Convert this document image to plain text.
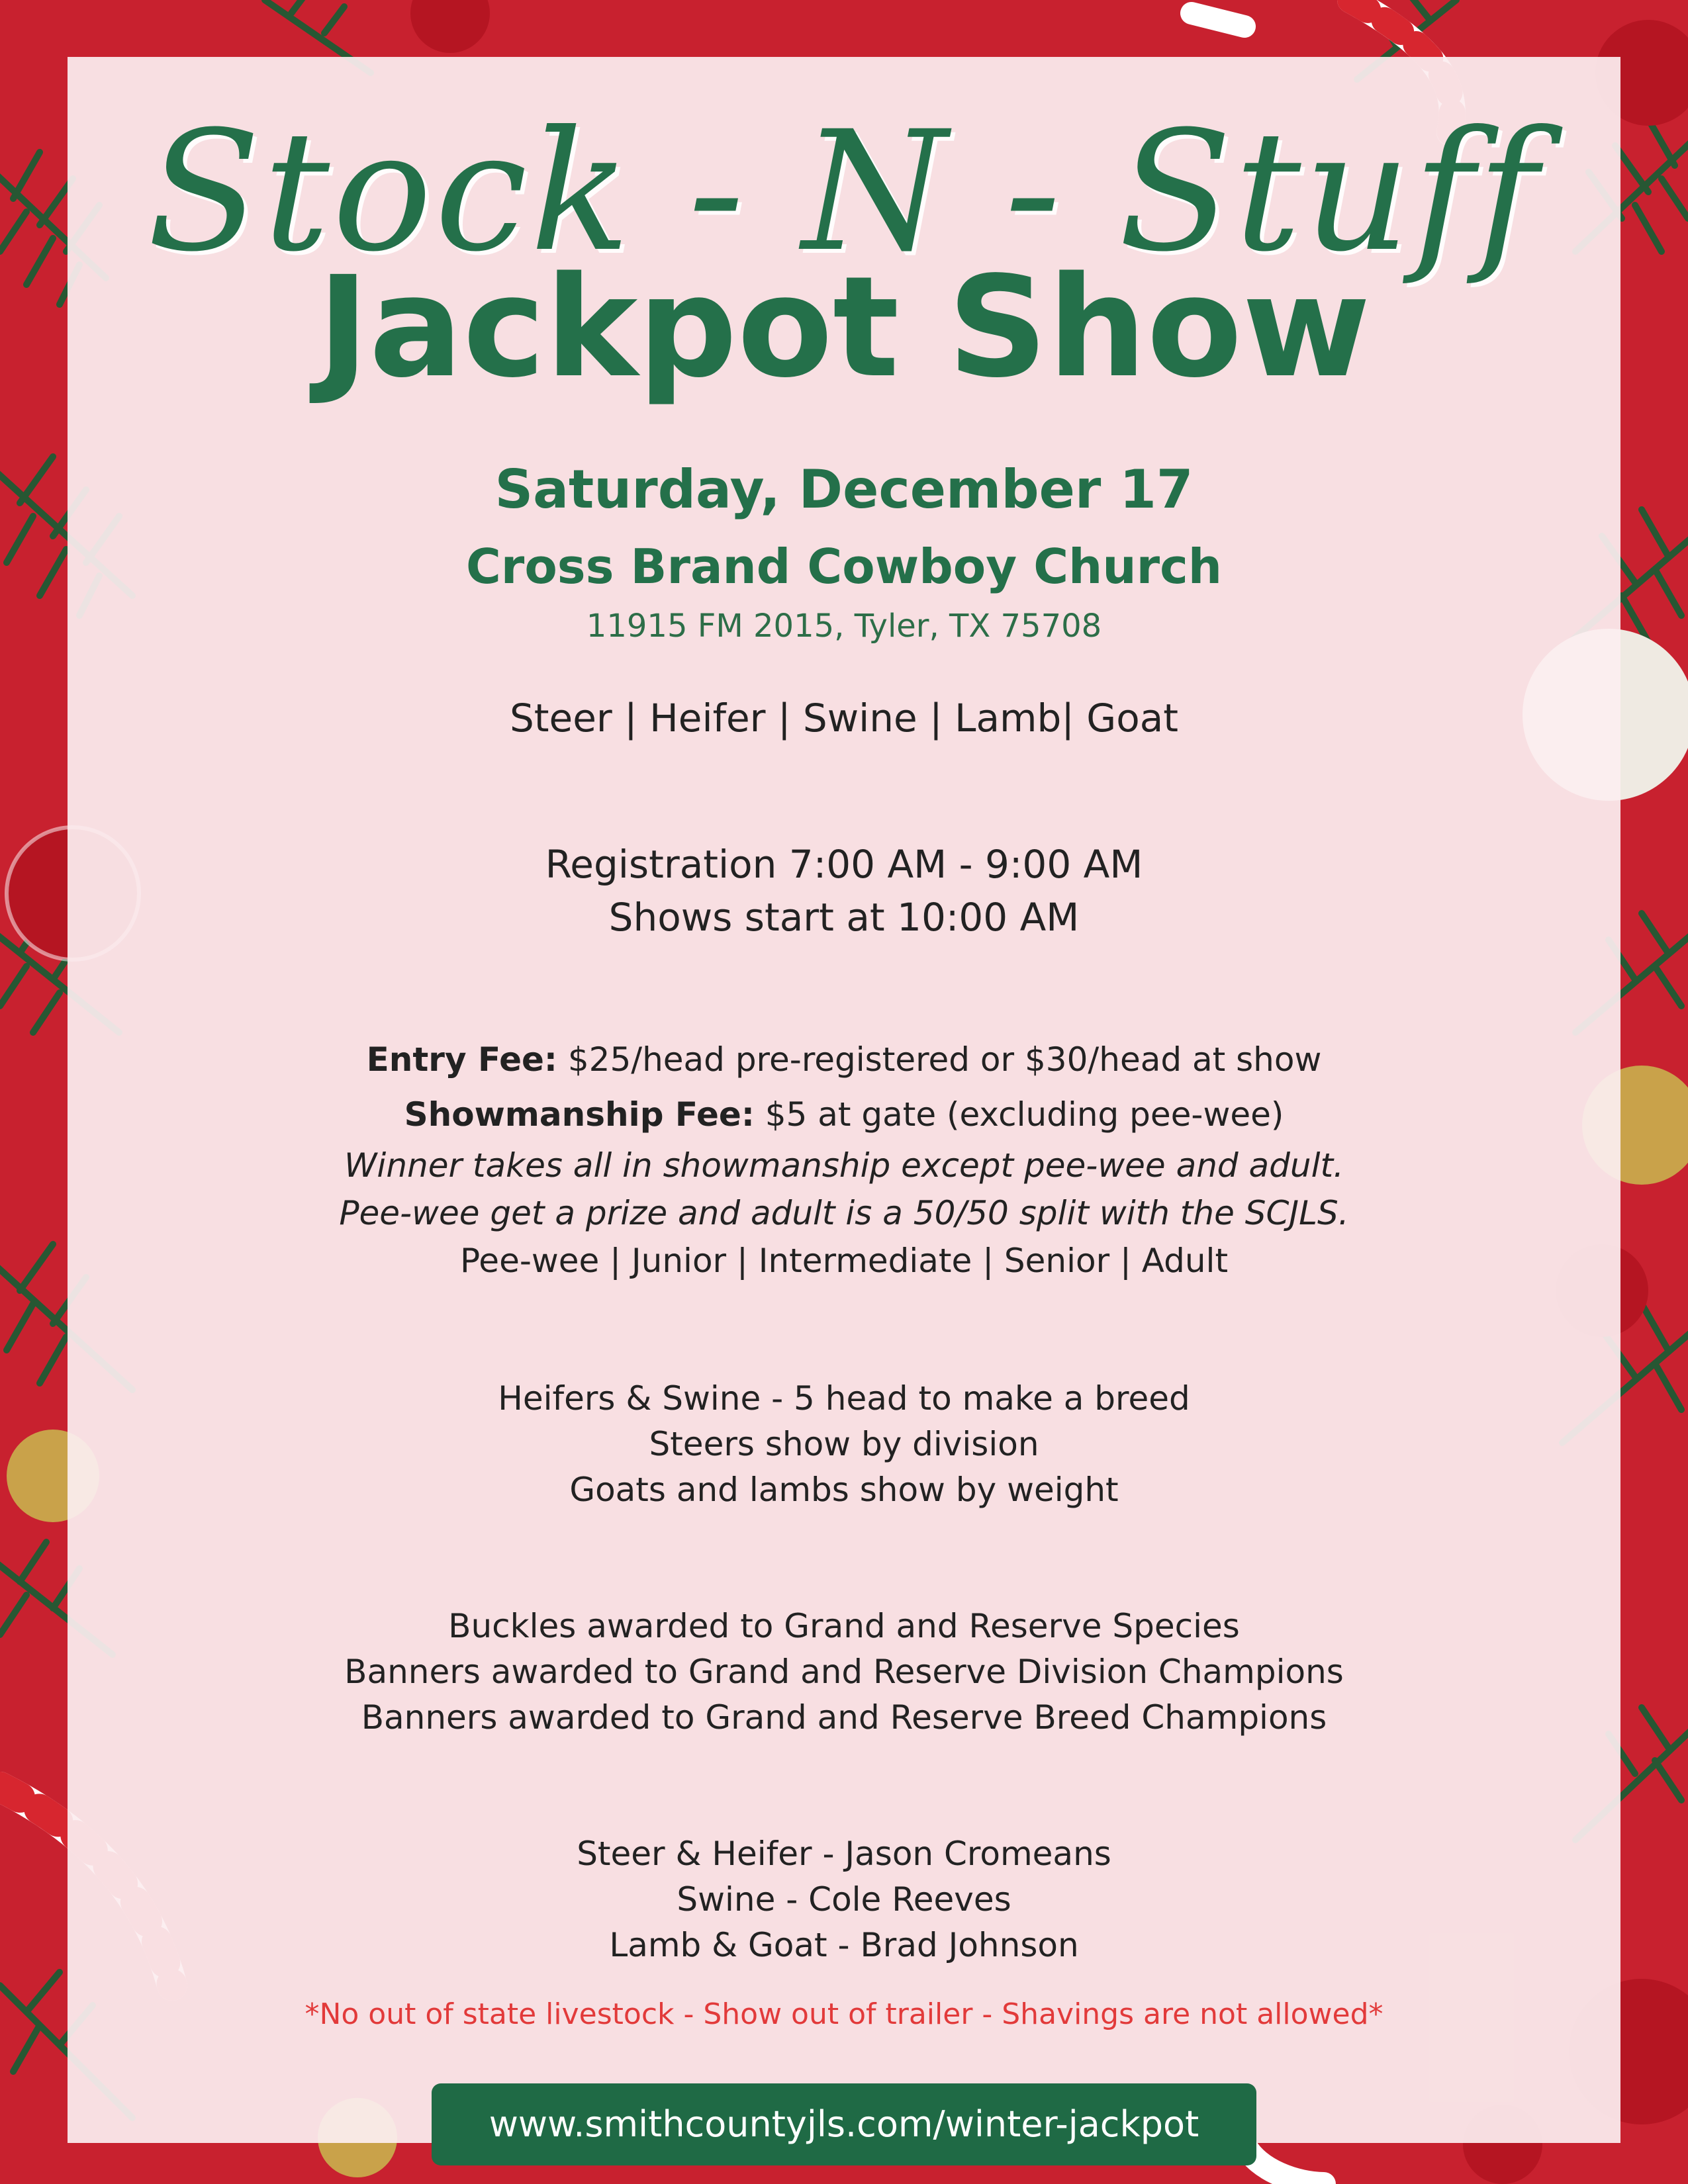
Stock - N - Stuff
Jackpot Show
Saturday, December 17
Cross Brand Cowboy Church
11915 FM 2015, Tyler, TX 75708
Steer | Heifer | Swine | Lamb| Goat
Registration 7:00 AM - 9:00 AM
Shows start at 10:00 AM
Entry Fee: $25/head pre-registered or $30/head at show
Showmanship Fee: $5 at gate (excluding pee-wee)
Winner takes all in showmanship except pee-wee and adult.
Pee-wee get a prize and adult is a 50/50 split with the SCJLS.
Pee-wee | Junior | Intermediate | Senior | Adult
Heifers & Swine - 5 head to make a breed
Steers show by division
Goats and lambs show by weight
Buckles awarded to Grand and Reserve Species
Banners awarded to Grand and Reserve Division Champions
Banners awarded to Grand and Reserve Breed Champions
Steer & Heifer - Jason Cromeans
Swine - Cole Reeves
Lamb & Goat - Brad Johnson
*No out of state livestock - Show out of trailer - Shavings are not allowed*
www.smithcountyjls.com/winter-jackpot
